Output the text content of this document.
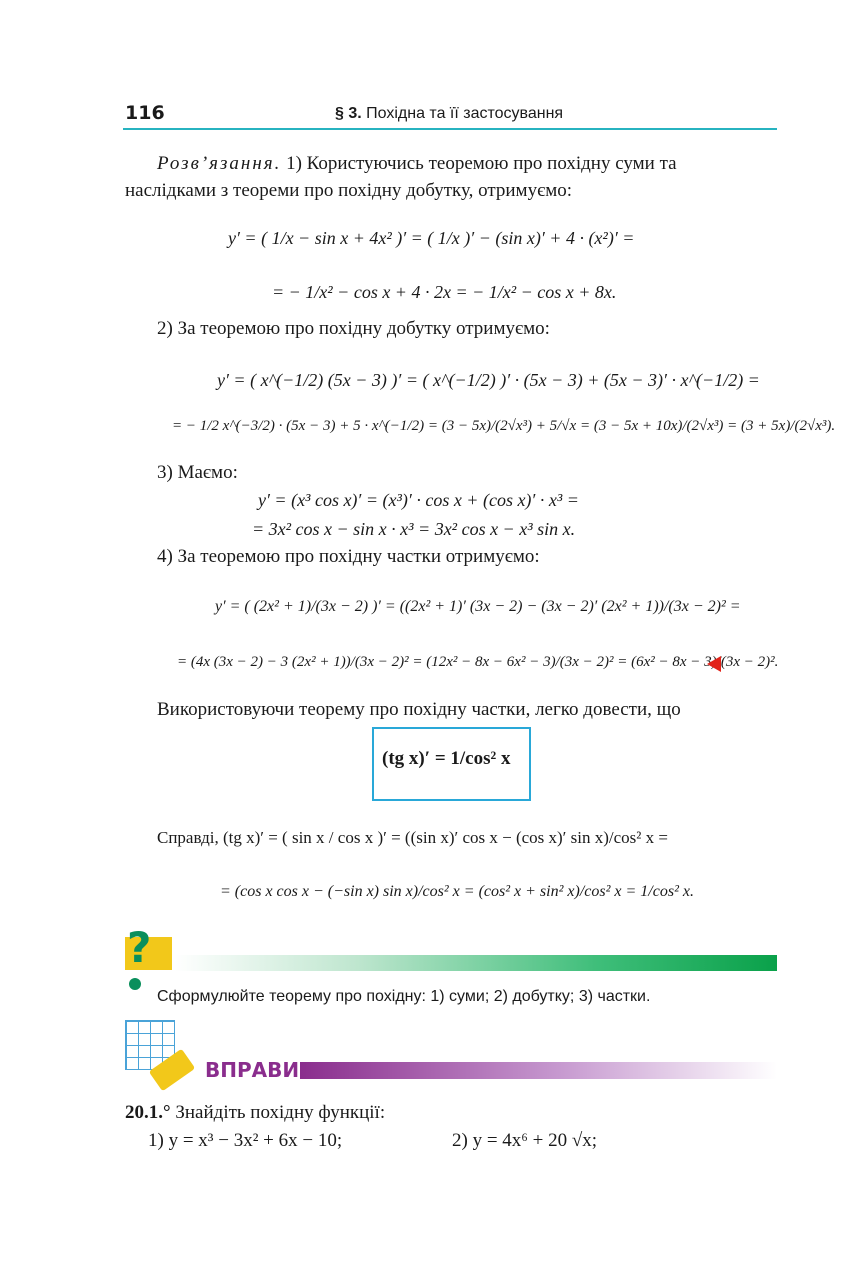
116	§ 3. Похідна та її застосування
Розв’язання. 1) Користуючись теоремою про похідну суми та
наслідками з теореми про похідну добутку, отримуємо:
y′ = ( 1/x − sin x + 4x² )′ = ( 1/x )′ − (sin x)′ + 4 · (x²)′ =
= − 1/x² − cos x + 4 · 2x = − 1/x² − cos x + 8x.
2) За теоремою про похідну добутку отримуємо:
y′ = ( x^(−1/2) (5x − 3) )′ = ( x^(−1/2) )′ · (5x − 3) + (5x − 3)′ · x^(−1/2) =
= − 1/2 x^(−3/2) · (5x − 3) + 5 · x^(−1/2) = (3 − 5x)/(2√x³) + 5/√x = (3 − 5x + 10x)/(2√x³) = (3 + 5x)/(2√x³).
3) Маємо:
y′ = (x³ cos x)′ = (x³)′ · cos x + (cos x)′ · x³ =
= 3x² cos x − sin x · x³ = 3x² cos x − x³ sin x.
4) За теоремою про похідну частки отримуємо:
y′ = ( (2x² + 1)/(3x − 2) )′ = ((2x² + 1)′ (3x − 2) − (3x − 2)′ (2x² + 1))/(3x − 2)² =
= (4x (3x − 2) − 3 (2x² + 1))/(3x − 2)² = (12x² − 8x − 6x² − 3)/(3x − 2)² = (6x² − 8x − 3)/(3x − 2)².
Використовуючи теорему про похідну частки, легко довести, що
(tg x)′ = 1/cos² x
Справді, (tg x)′ = ( sin x / cos x )′ = ((sin x)′ cos x − (cos x)′ sin x)/cos² x =
= (cos x cos x − (−sin x) sin x)/cos² x = (cos² x + sin² x)/cos² x = 1/cos² x.
?
Сформулюйте теорему про похідну: 1) суми; 2) добутку; 3) частки.
ВПРАВИ
20.1.° Знайдіть похідну функції:
1) y = x³ − 3x² + 6x − 10;	2) y = 4x⁶ + 20 √x;
